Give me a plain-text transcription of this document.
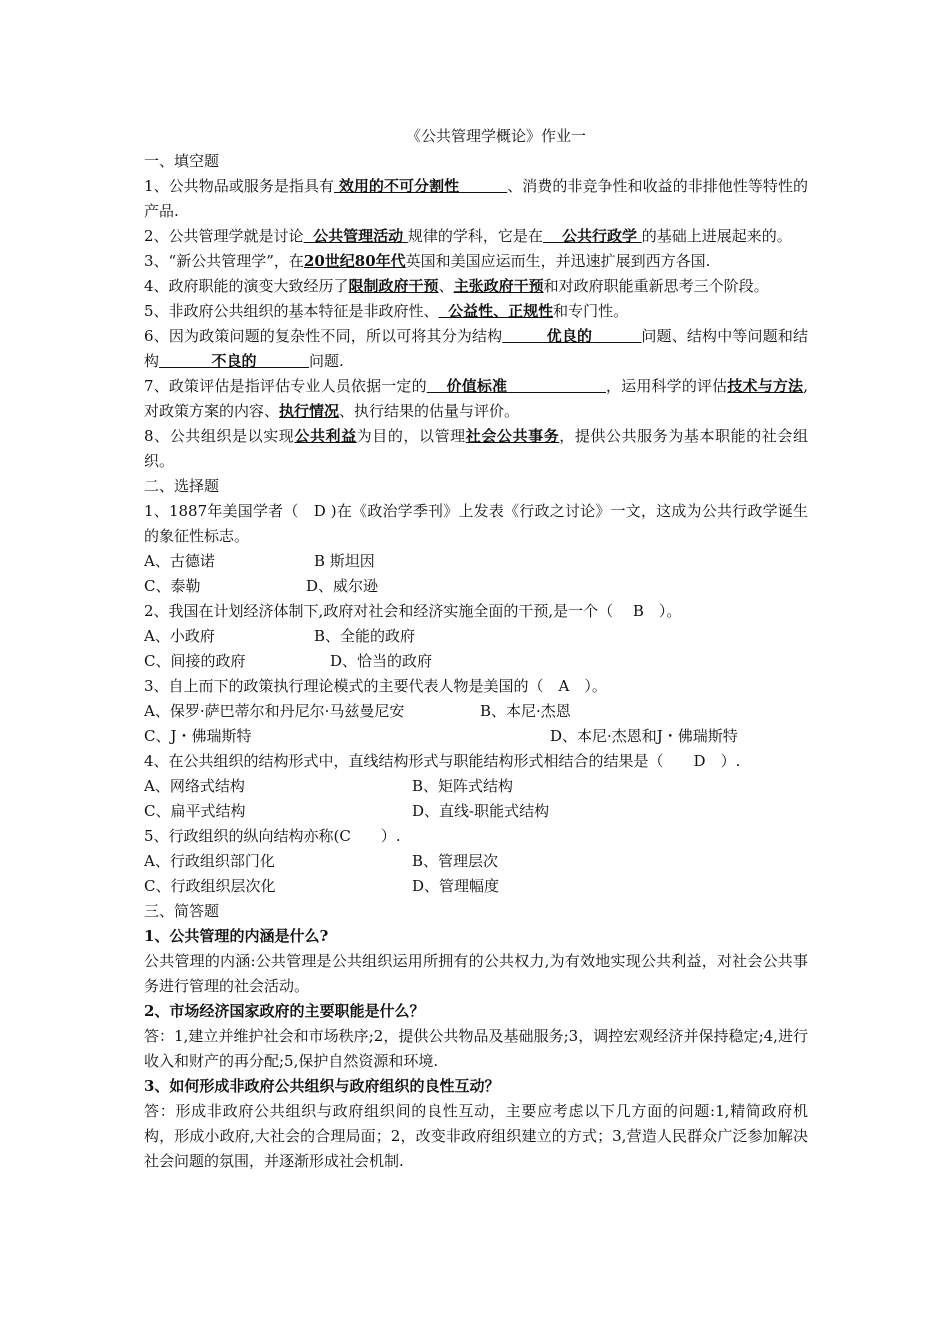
《公共管理学概论》作业一

一、填空题

1、公共物品或服务是指具有 效用的不可分割性	、消费的非竞争性和收益的非排他性等特性的产品.

2、公共管理学就是讨论 公共管理活动 规律的学科，它是在 公共行政学 的基础上进展起来的。

3、“新公共管理学”，在20世纪80年代英国和美国应运而生，并迅速扩展到西方各国.

4、政府职能的演变大致经历了限制政府干预、主张政府干预和对政府职能重新思考三个阶段。

5、非政府公共组织的基本特征是非政府性、 公益性、正规性和专门性。

6、因为政策问题的复杂性不同，所以可将其分为结构	优良的	问题、结构中等问题和结构	不良的	问题.

7、政策评估是指评估专业人员依据一定的 价值标准	，运用科学的评估技术与方法,对政策方案的内容、执行情况、执行结果的估量与评价。

8、公共组织是以实现公共利益为目的，以管理社会公共事务，提供公共服务为基本职能的社会组织。

二、选择题

1、1887年美国学者（　D )在《政治学季刊》上发表《行政之讨论》一文，这成为公共行政学诞生的象征性标志。

A、古德诺	B 斯坦因
C、泰勒	D、威尔逊

2、我国在计划经济体制下,政府对社会和经济实施全面的干预,是一个（　 B　）。

A、小政府	B、全能的政府
C、间接的政府	D、恰当的政府

3、自上而下的政策执行理论模式的主要代表人物是美国的（　A　）。

A、保罗·萨巴蒂尔和丹尼尔·马兹曼尼安	B、本尼·杰恩
C、J・佛瑞斯特	D、本尼·杰恩和J・佛瑞斯特

4、在公共组织的结构形式中，直线结构形式与职能结构形式相结合的结果是（　　D　）.

A、网络式结构	B、矩阵式结构
C、扁平式结构	D、直线-职能式结构

5、行政组织的纵向结构亦称(C　　）.

A、行政组织部门化	B、管理层次
C、行政组织层次化	D、管理幅度

三、简答题

1、公共管理的内涵是什么?

公共管理的内涵:公共管理是公共组织运用所拥有的公共权力,为有效地实现公共利益，对社会公共事务进行管理的社会活动。

2、市场经济国家政府的主要职能是什么？

答：1,建立并维护社会和市场秩序;2，提供公共物品及基础服务;3，调控宏观经济并保持稳定;4,进行收入和财产的再分配;5,保护自然资源和环境.

3、如何形成非政府公共组织与政府组织的良性互动？

答：形成非政府公共组织与政府组织间的良性互动，主要应考虑以下几方面的问题:1,精简政府机构，形成小政府,大社会的合理局面；2，改变非政府组织建立的方式；3,营造人民群众广泛参加解决社会问题的氛围，并逐渐形成社会机制.
